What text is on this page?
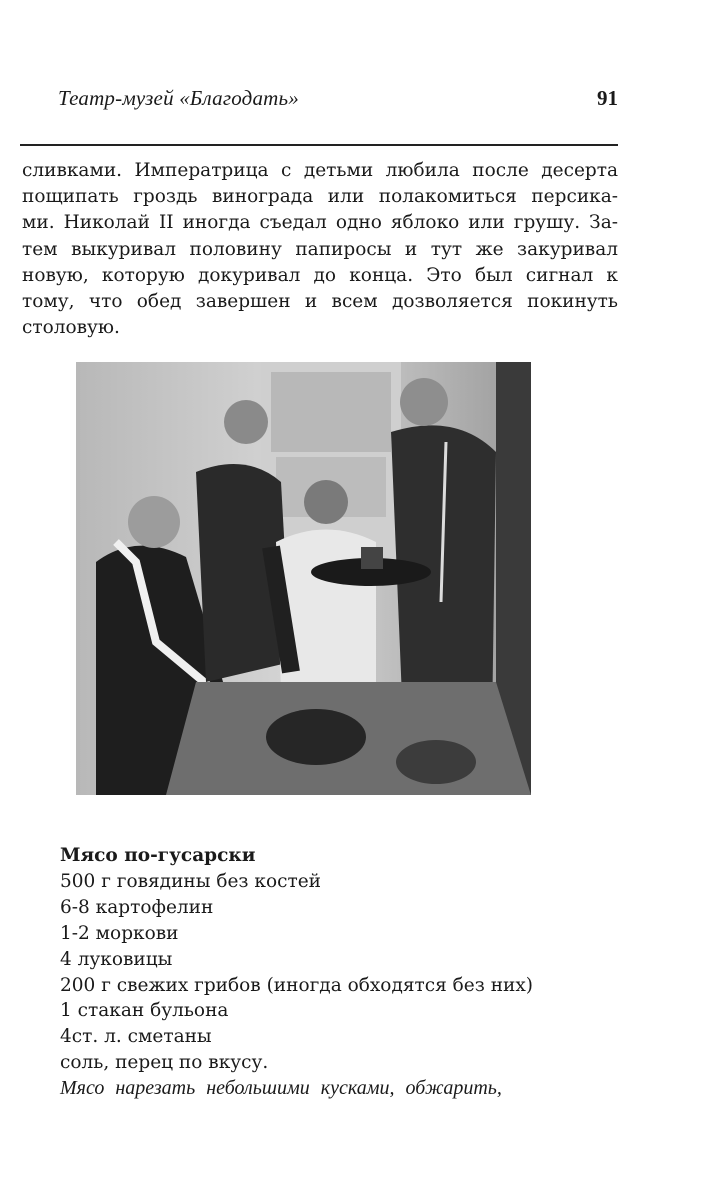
Театр-музей «Благодать»	91
сливками. Императрица с детьми любила после десерта
пощипать гроздь винограда или полакомиться персика-
ми. Николай II иногда съедал одно яблоко или грушу. За-
тем выкуривал половину папиросы и тут же закуривал
новую, которую докуривал до конца. Это был сигнал к
тому, что обед завершен и всем дозволяется покинуть
столовую.
Мясо по-гусарски
500 г говядины без костей
6-8 картофелин
1-2 моркови
4 луковицы
200 г свежих грибов (иногда обходятся без них)
1 стакан бульона
4ст. л. сметаны
соль, перец по вкусу.
Мясо нарезать небольшими кусками, обжарить,
